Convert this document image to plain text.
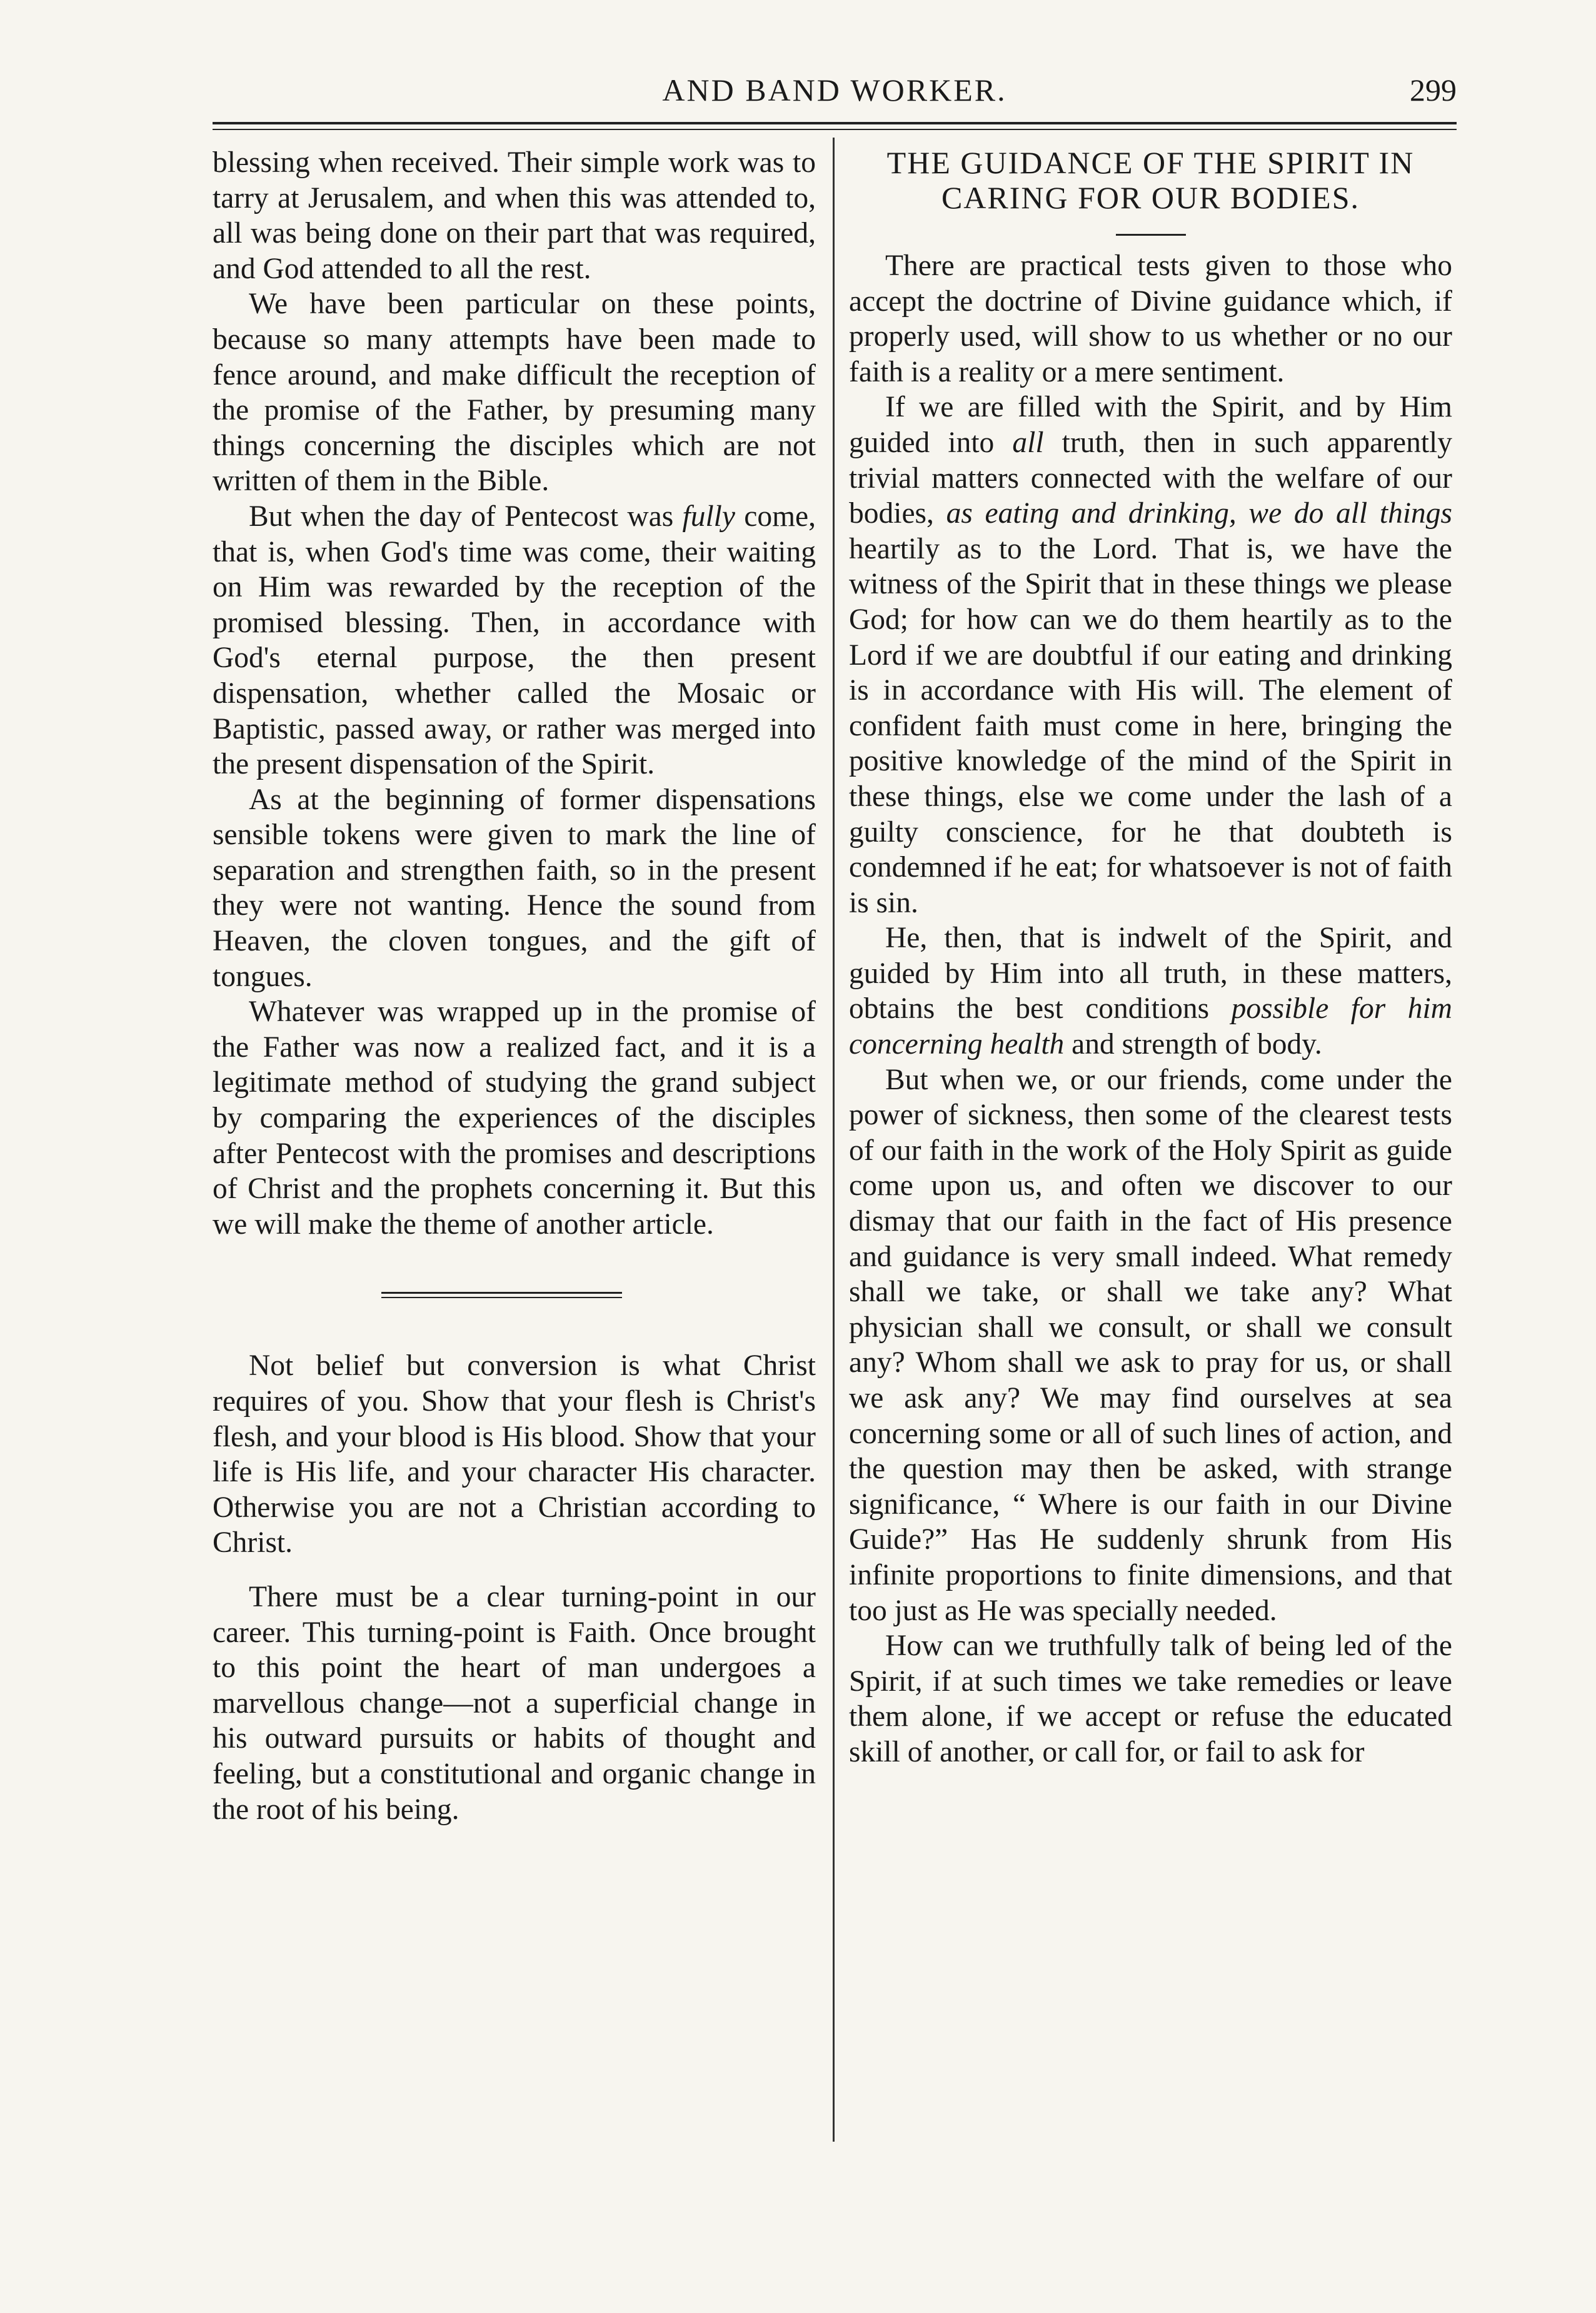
AND BAND WORKER.	299

blessing when received. Their simple work was to tarry at Jerusalem, and when this was attended to, all was being done on their part that was required, and God attended to all the rest.

We have been particular on these points, because so many attempts have been made to fence around, and make difficult the reception of the promise of the Father, by presuming many things concerning the disciples which are not written of them in the Bible.

But when the day of Pentecost was fully come, that is, when God's time was come, their waiting on Him was rewarded by the reception of the promised blessing. Then, in accordance with God's eternal purpose, the then present dispensation, whether called the Mosaic or Baptistic, passed away, or rather was merged into the present dispensation of the Spirit.

As at the beginning of former dispensations sensible tokens were given to mark the line of separation and strengthen faith, so in the present they were not wanting. Hence the sound from Heaven, the cloven tongues, and the gift of tongues.

Whatever was wrapped up in the promise of the Father was now a realized fact, and it is a legitimate method of studying the grand subject by comparing the experiences of the disciples after Pentecost with the promises and descriptions of Christ and the prophets concerning it. But this we will make the theme of another article.

Not belief but conversion is what Christ requires of you. Show that your flesh is Christ's flesh, and your blood is His blood. Show that your life is His life, and your character His character. Otherwise you are not a Christian according to Christ.

There must be a clear turning-point in our career. This turning-point is Faith. Once brought to this point the heart of man undergoes a marvellous change—not a superficial change in his outward pursuits or habits of thought and feeling, but a constitutional and organic change in the root of his being.

THE GUIDANCE OF THE SPIRIT IN CARING FOR OUR BODIES.

There are practical tests given to those who accept the doctrine of Divine guidance which, if properly used, will show to us whether or no our faith is a reality or a mere sentiment.

If we are filled with the Spirit, and by Him guided into all truth, then in such apparently trivial matters connected with the welfare of our bodies, as eating and drinking, we do all things heartily as to the Lord. That is, we have the witness of the Spirit that in these things we please God; for how can we do them heartily as to the Lord if we are doubtful if our eating and drinking is in accordance with His will. The element of confident faith must come in here, bringing the positive knowledge of the mind of the Spirit in these things, else we come under the lash of a guilty conscience, for he that doubteth is condemned if he eat; for whatsoever is not of faith is sin.

He, then, that is indwelt of the Spirit, and guided by Him into all truth, in these matters, obtains the best conditions possible for him concerning health and strength of body.

But when we, or our friends, come under the power of sickness, then some of the clearest tests of our faith in the work of the Holy Spirit as guide come upon us, and often we discover to our dismay that our faith in the fact of His presence and guidance is very small indeed. What remedy shall we take, or shall we take any? What physician shall we consult, or shall we consult any? Whom shall we ask to pray for us, or shall we ask any? We may find ourselves at sea concerning some or all of such lines of action, and the question may then be asked, with strange significance, “ Where is our faith in our Divine Guide?” Has He suddenly shrunk from His infinite proportions to finite dimensions, and that too just as He was specially needed.

How can we truthfully talk of being led of the Spirit, if at such times we take remedies or leave them alone, if we accept or refuse the educated skill of another, or call for, or fail to ask for
